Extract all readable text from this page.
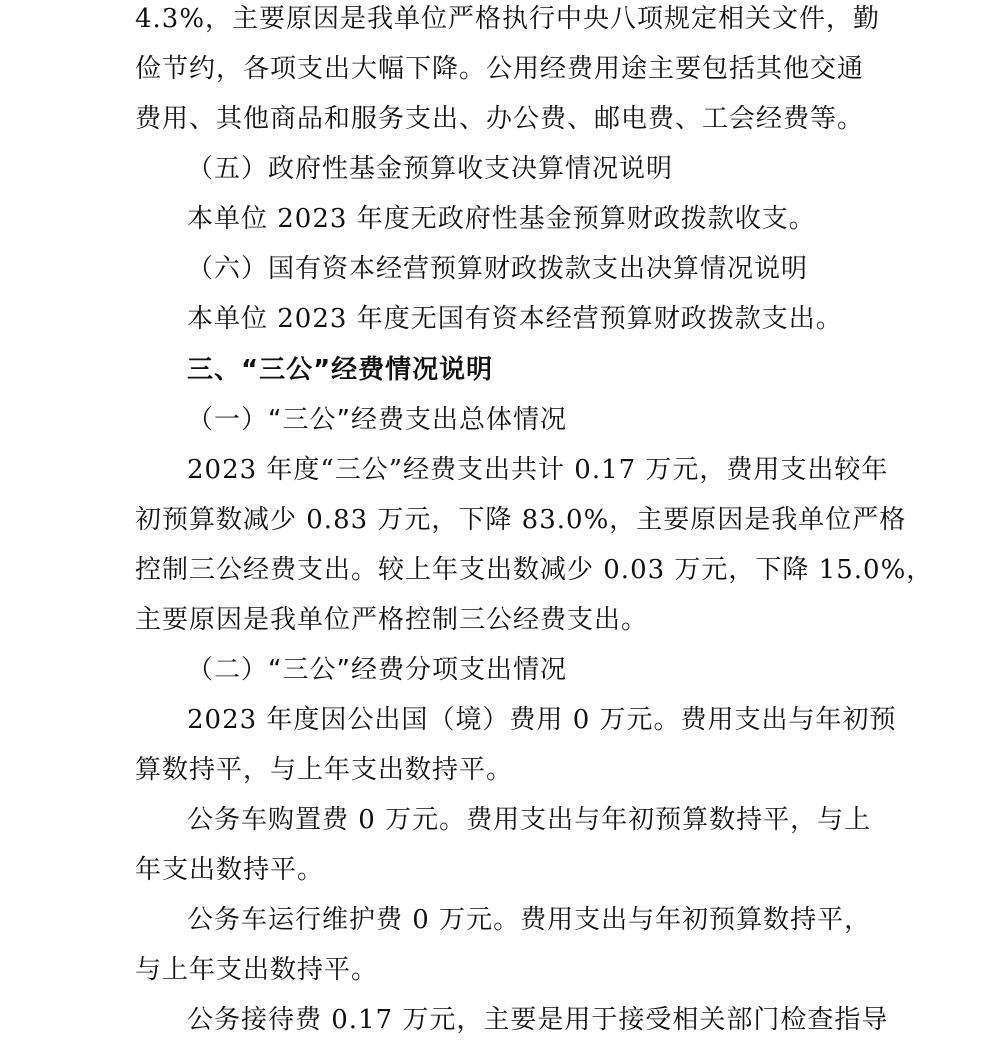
4.3%，主要原因是我单位严格执行中央八项规定相关文件，勤
俭节约，各项支出大幅下降。公用经费用途主要包括其他交通
费用、其他商品和服务支出、办公费、邮电费、工会经费等。
（五）政府性基金预算收支决算情况说明
本单位 2023 年度无政府性基金预算财政拨款收支。
（六）国有资本经营预算财政拨款支出决算情况说明
本单位 2023 年度无国有资本经营预算财政拨款支出。
三、“三公”经费情况说明
（一）“三公”经费支出总体情况
2023 年度“三公”经费支出共计 0.17 万元，费用支出较年
初预算数减少 0.83 万元，下降 83.0%，主要原因是我单位严格
控制三公经费支出。较上年支出数减少 0.03 万元，下降 15.0%，
主要原因是我单位严格控制三公经费支出。
（二）“三公”经费分项支出情况
2023 年度因公出国（境）费用 0 万元。费用支出与年初预
算数持平，与上年支出数持平。
公务车购置费 0 万元。费用支出与年初预算数持平，与上
年支出数持平。
公务车运行维护费 0 万元。费用支出与年初预算数持平，
与上年支出数持平。
公务接待费 0.17 万元，主要是用于接受相关部门检查指导
